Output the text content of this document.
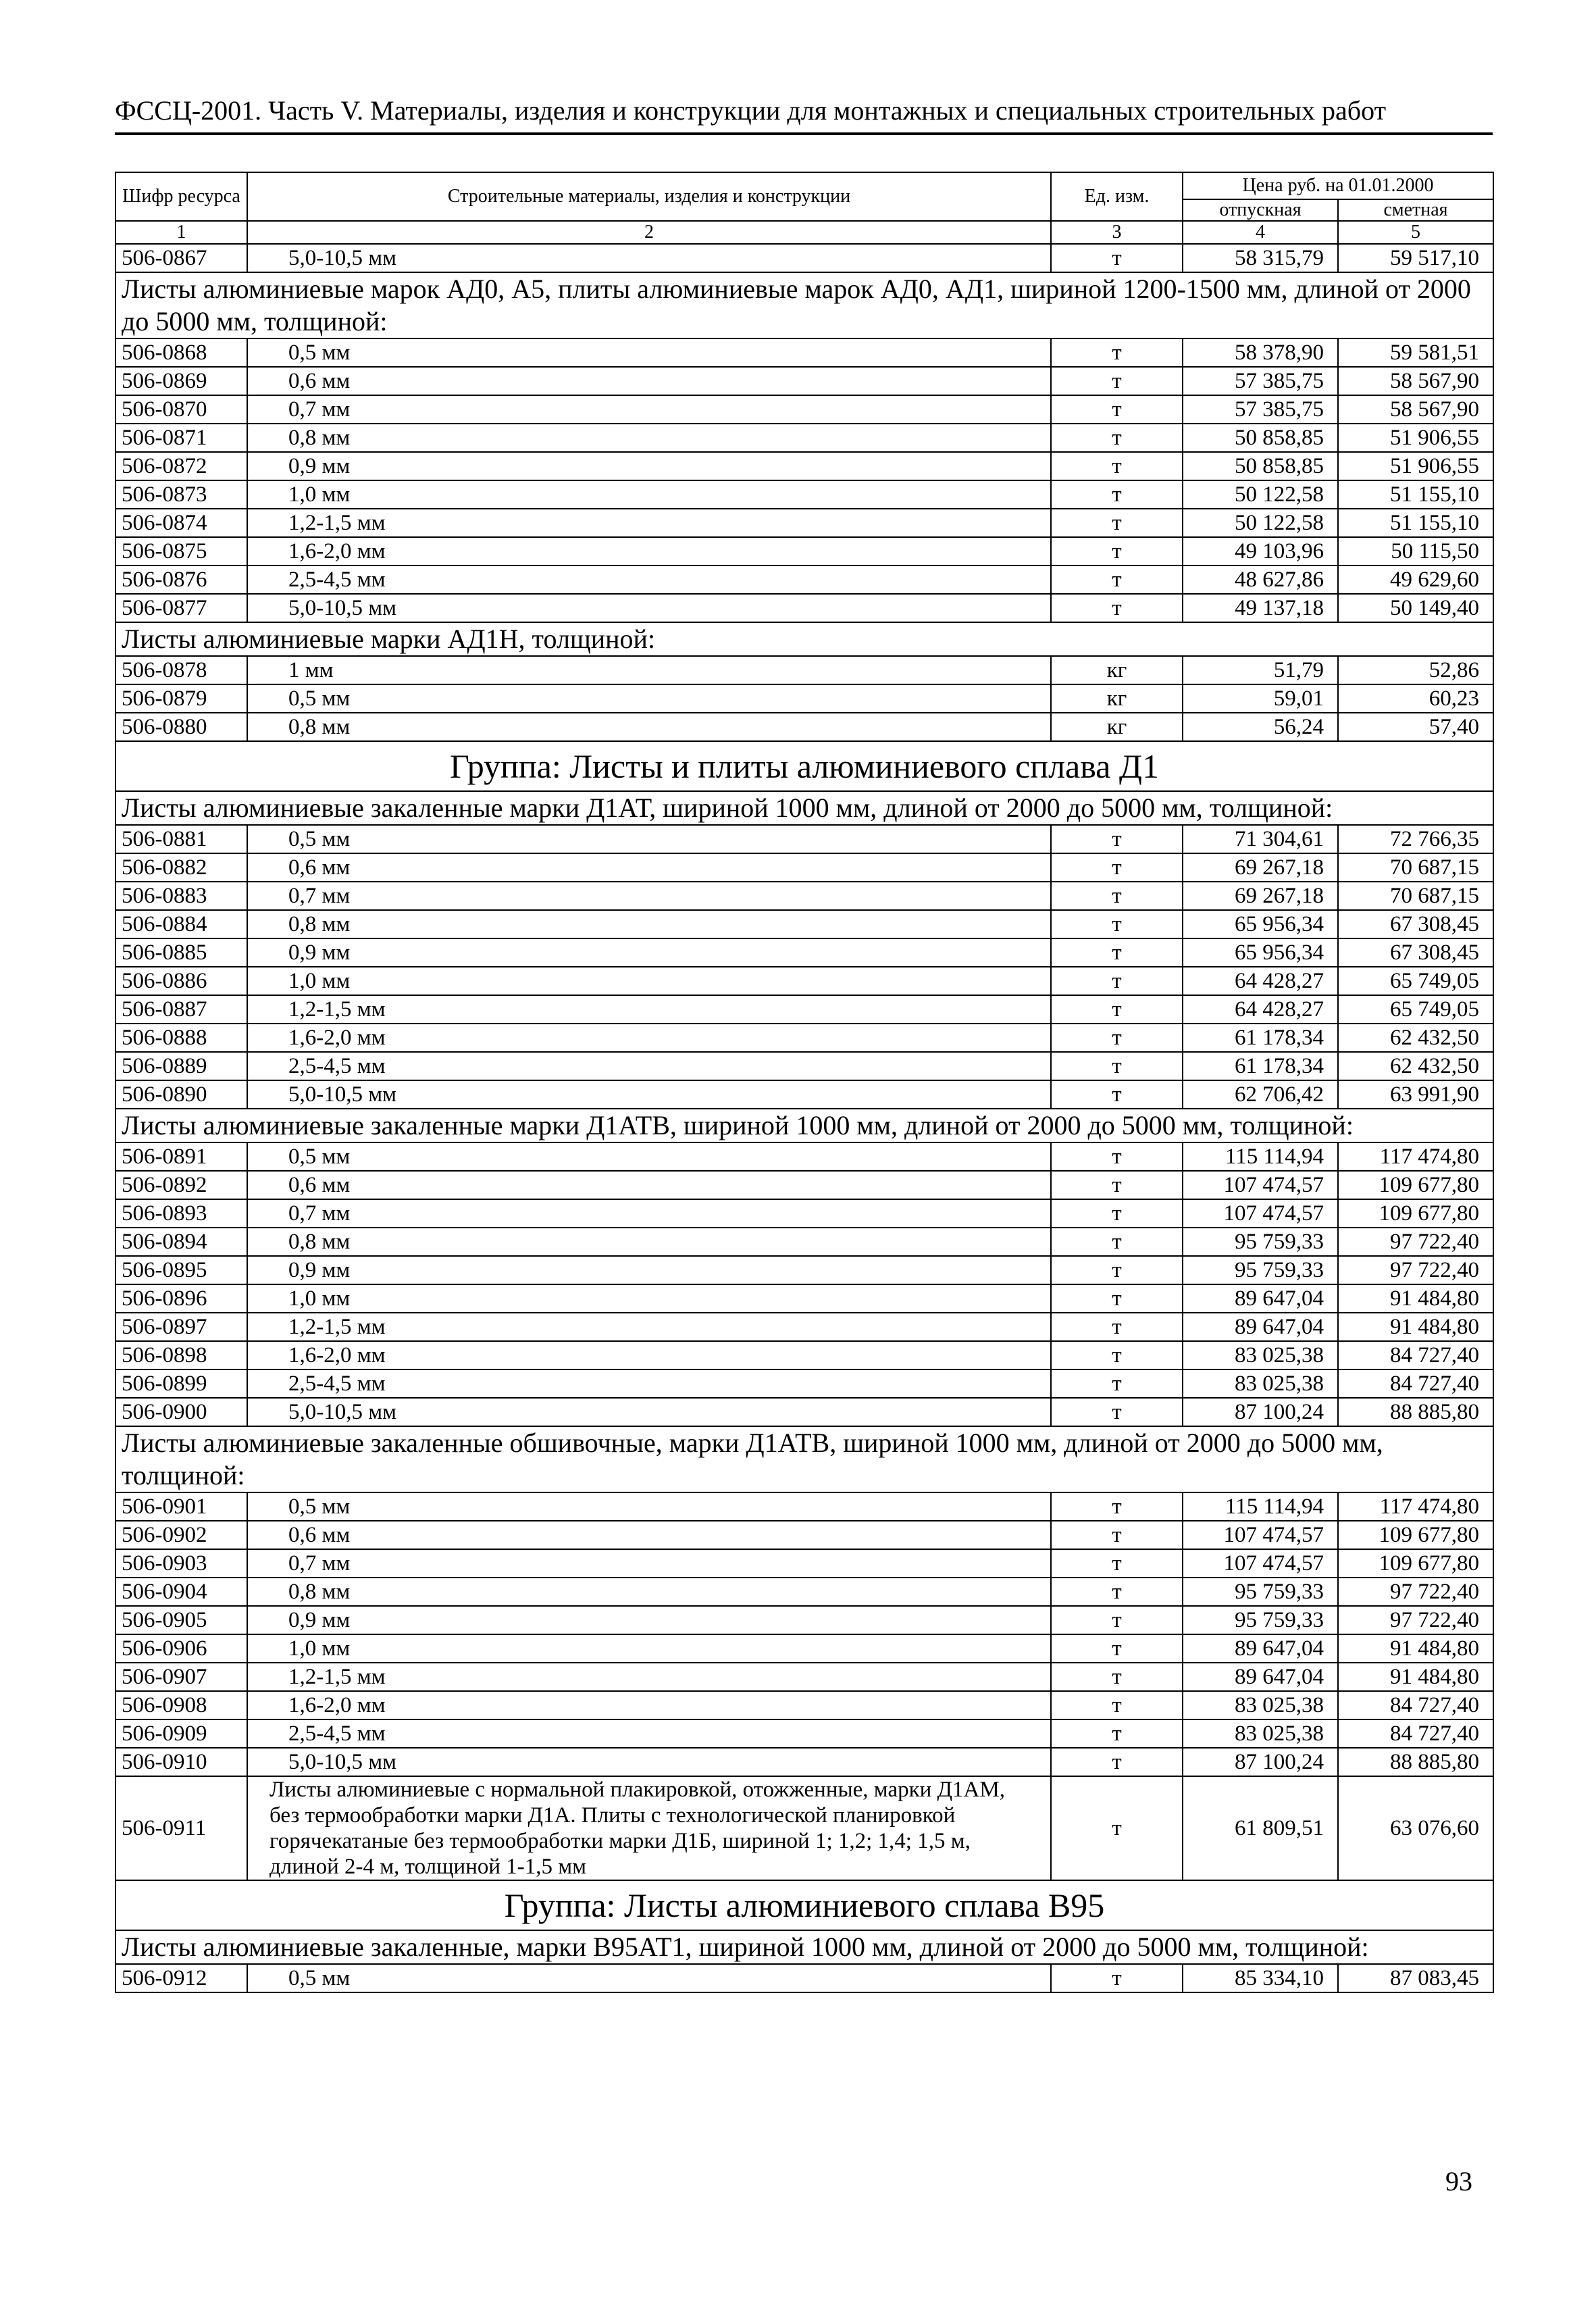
ФССЦ-2001. Часть V. Материалы, изделия и конструкции для монтажных и специальных строительных работ
Шифр ресурса	Строительные материалы, изделия и конструкции	Ед. изм.	Цена руб. на 01.01.2000	
			отпускная	сметная
1	2	3	4	5
506-0867	5,0-10,5 мм	т	58 315,79	59 517,10
Листы алюминиевые марок АД0, А5, плиты алюминиевые марок АД0, АД1, шириной 1200-1500 мм, длиной от 2000 до 5000 мм, толщиной:				
506-0868	0,5 мм	т	58 378,90	59 581,51
506-0869	0,6 мм	т	57 385,75	58 567,90
506-0870	0,7 мм	т	57 385,75	58 567,90
506-0871	0,8 мм	т	50 858,85	51 906,55
506-0872	0,9 мм	т	50 858,85	51 906,55
506-0873	1,0 мм	т	50 122,58	51 155,10
506-0874	1,2-1,5 мм	т	50 122,58	51 155,10
506-0875	1,6-2,0 мм	т	49 103,96	50 115,50
506-0876	2,5-4,5 мм	т	48 627,86	49 629,60
506-0877	5,0-10,5 мм	т	49 137,18	50 149,40
Листы алюминиевые марки АД1Н, толщиной:				
506-0878	1 мм	кг	51,79	52,86
506-0879	0,5 мм	кг	59,01	60,23
506-0880	0,8 мм	кг	56,24	57,40
Группа: Листы и плиты алюминиевого сплава Д1				
Листы алюминиевые закаленные марки Д1АТ, шириной 1000 мм, длиной от 2000 до 5000 мм, толщиной:				
506-0881	0,5 мм	т	71 304,61	72 766,35
506-0882	0,6 мм	т	69 267,18	70 687,15
506-0883	0,7 мм	т	69 267,18	70 687,15
506-0884	0,8 мм	т	65 956,34	67 308,45
506-0885	0,9 мм	т	65 956,34	67 308,45
506-0886	1,0 мм	т	64 428,27	65 749,05
506-0887	1,2-1,5 мм	т	64 428,27	65 749,05
506-0888	1,6-2,0 мм	т	61 178,34	62 432,50
506-0889	2,5-4,5 мм	т	61 178,34	62 432,50
506-0890	5,0-10,5 мм	т	62 706,42	63 991,90
Листы алюминиевые закаленные марки Д1АТВ, шириной 1000 мм, длиной от 2000 до 5000 мм, толщиной:				
506-0891	0,5 мм	т	115 114,94	117 474,80
506-0892	0,6 мм	т	107 474,57	109 677,80
506-0893	0,7 мм	т	107 474,57	109 677,80
506-0894	0,8 мм	т	95 759,33	97 722,40
506-0895	0,9 мм	т	95 759,33	97 722,40
506-0896	1,0 мм	т	89 647,04	91 484,80
506-0897	1,2-1,5 мм	т	89 647,04	91 484,80
506-0898	1,6-2,0 мм	т	83 025,38	84 727,40
506-0899	2,5-4,5 мм	т	83 025,38	84 727,40
506-0900	5,0-10,5 мм	т	87 100,24	88 885,80
Листы алюминиевые закаленные обшивочные, марки Д1АТВ, шириной 1000 мм, длиной от 2000 до 5000 мм, толщиной:				
506-0901	0,5 мм	т	115 114,94	117 474,80
506-0902	0,6 мм	т	107 474,57	109 677,80
506-0903	0,7 мм	т	107 474,57	109 677,80
506-0904	0,8 мм	т	95 759,33	97 722,40
506-0905	0,9 мм	т	95 759,33	97 722,40
506-0906	1,0 мм	т	89 647,04	91 484,80
506-0907	1,2-1,5 мм	т	89 647,04	91 484,80
506-0908	1,6-2,0 мм	т	83 025,38	84 727,40
506-0909	2,5-4,5 мм	т	83 025,38	84 727,40
506-0910	5,0-10,5 мм	т	87 100,24	88 885,80
506-0911	Листы алюминиевые с нормальной плакировкой, отожженные, марки Д1АМ, без термообработки марки Д1А. Плиты с технологической планировкой горячекатаные без термообработки марки Д1Б, шириной 1; 1,2; 1,4; 1,5 м, длиной 2-4 м, толщиной 1-1,5 мм	т	61 809,51	63 076,60
Группа: Листы алюминиевого сплава В95				
Листы алюминиевые закаленные, марки В95АТ1, шириной 1000 мм, длиной от 2000 до 5000 мм, толщиной:				
506-0912	0,5 мм	т	85 334,10	87 083,45
93
